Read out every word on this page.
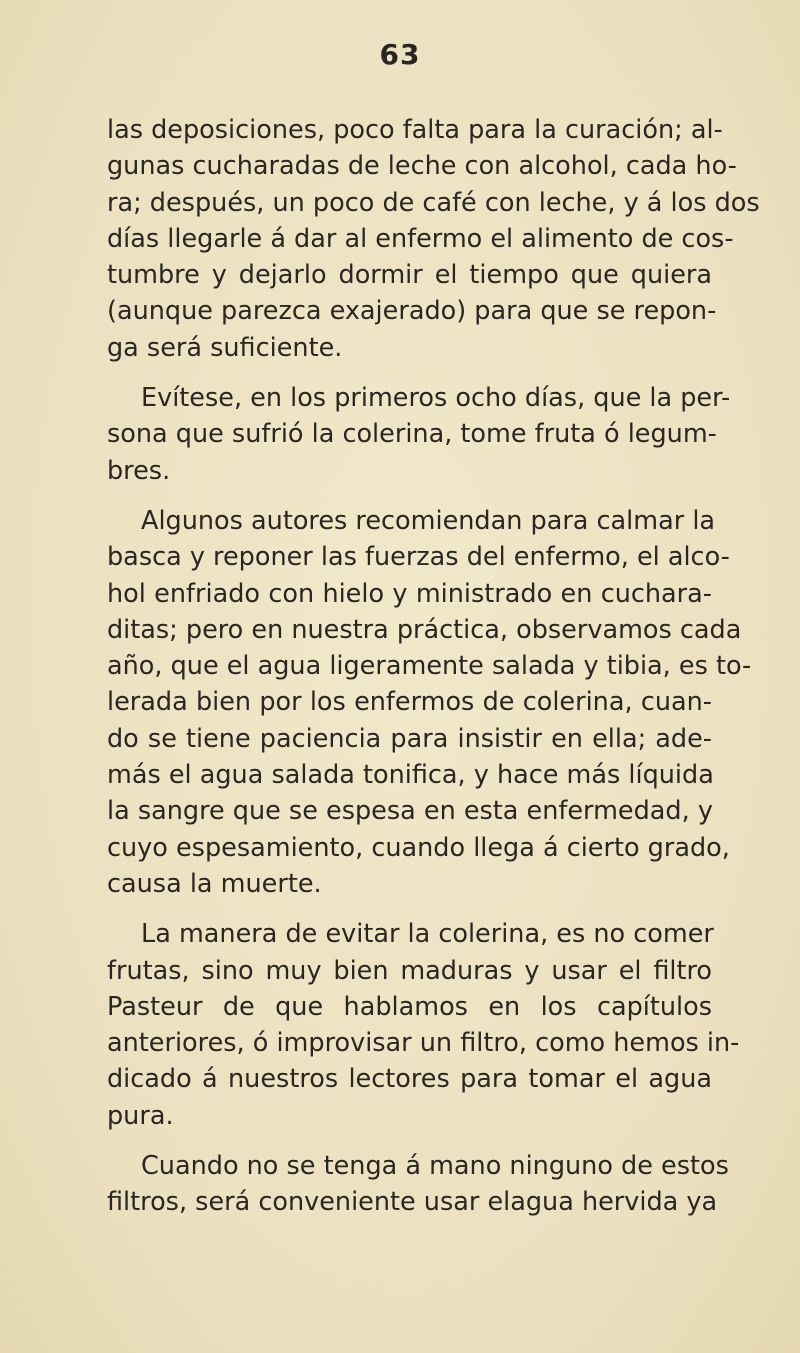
63
las deposiciones, poco falta para la curación; al-
gunas cucharadas de leche con alcohol, cada ho-
ra; después, un poco de café con leche, y á los dos
días llegarle á dar al enfermo el alimento de cos-
tumbre y dejarlo dormir el tiempo que quiera
(aunque parezca exajerado) para que se repon-
ga será suficiente.
Evítese, en los primeros ocho días, que la per-
sona que sufrió la colerina, tome fruta ó legum-
bres.
Algunos autores recomiendan para calmar la
basca y reponer las fuerzas del enfermo, el alco-
hol enfriado con hielo y ministrado en cuchara-
ditas; pero en nuestra práctica, observamos cada
año, que el agua ligeramente salada y tibia, es to-
lerada bien por los enfermos de colerina, cuan-
do se tiene paciencia para insistir en ella; ade-
más el agua salada tonifica, y hace más líquida
la sangre que se espesa en esta enfermedad, y
cuyo espesamiento, cuando llega á cierto grado,
causa la muerte.
La manera de evitar la colerina, es no comer
frutas, sino muy bien maduras y usar el filtro
Pasteur de que hablamos en los capítulos
anteriores, ó improvisar un filtro, como hemos in-
dicado á nuestros lectores para tomar el agua
pura.
Cuando no se tenga á mano ninguno de estos
filtros, será conveniente usar elagua hervida ya
